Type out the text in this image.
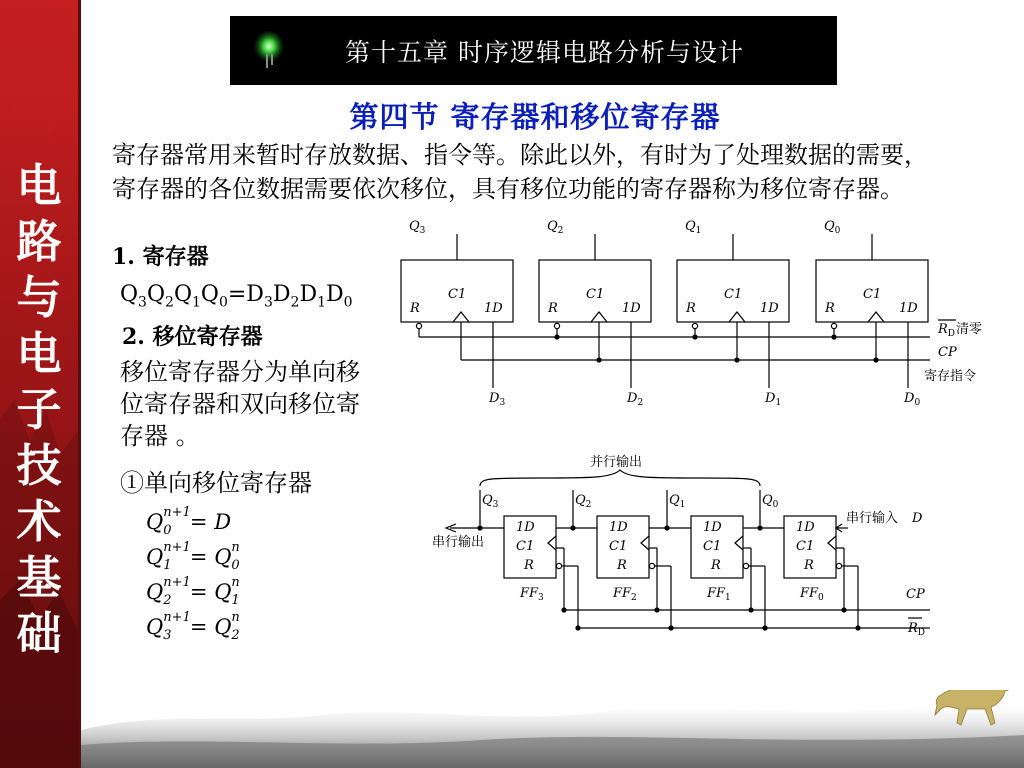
电
路
与
电
子
技
术
基
础
第十五章 时序逻辑电路分析与设计
第四节 寄存器和移位寄存器
寄存器常用来暂时存放数据、指令等。除此以外，有时为了处理数据的需要，寄存器的各位数据需要依次移位，具有移位功能的寄存器称为移位寄存器。
1. 寄存器
$Q_3Q_2Q_1Q_0=D_3D_2D_1D_0$
2. 移位寄存器
移位寄存器分为单向移位寄存器和双向移位寄存器 。
①单向移位寄存器
Q n+1
0 = D
Q n+1
1 = Q n
0
Q n+1
2 = Q n
1
Q n+1
3 = Q n
2
$Q_3$
C1
R	1D
$D_3$
$Q_2$
C1
R	1D
$D_2$
$Q_1$
C1
R	1D
$D_1$
$Q_0$
C1
R	1D
$D_0$
$R_D$ 清零
CP
寄存指令
并行输出
1D
C1
R
$FF_3$
$Q_3$
1D
C1
R
$FF_2$
$Q_2$
1D
C1
R
$FF_1$
$Q_1$
1D
C1
R
$FF_0$
$Q_0$
串行输入 D
串行输出
CP
$R_D$
